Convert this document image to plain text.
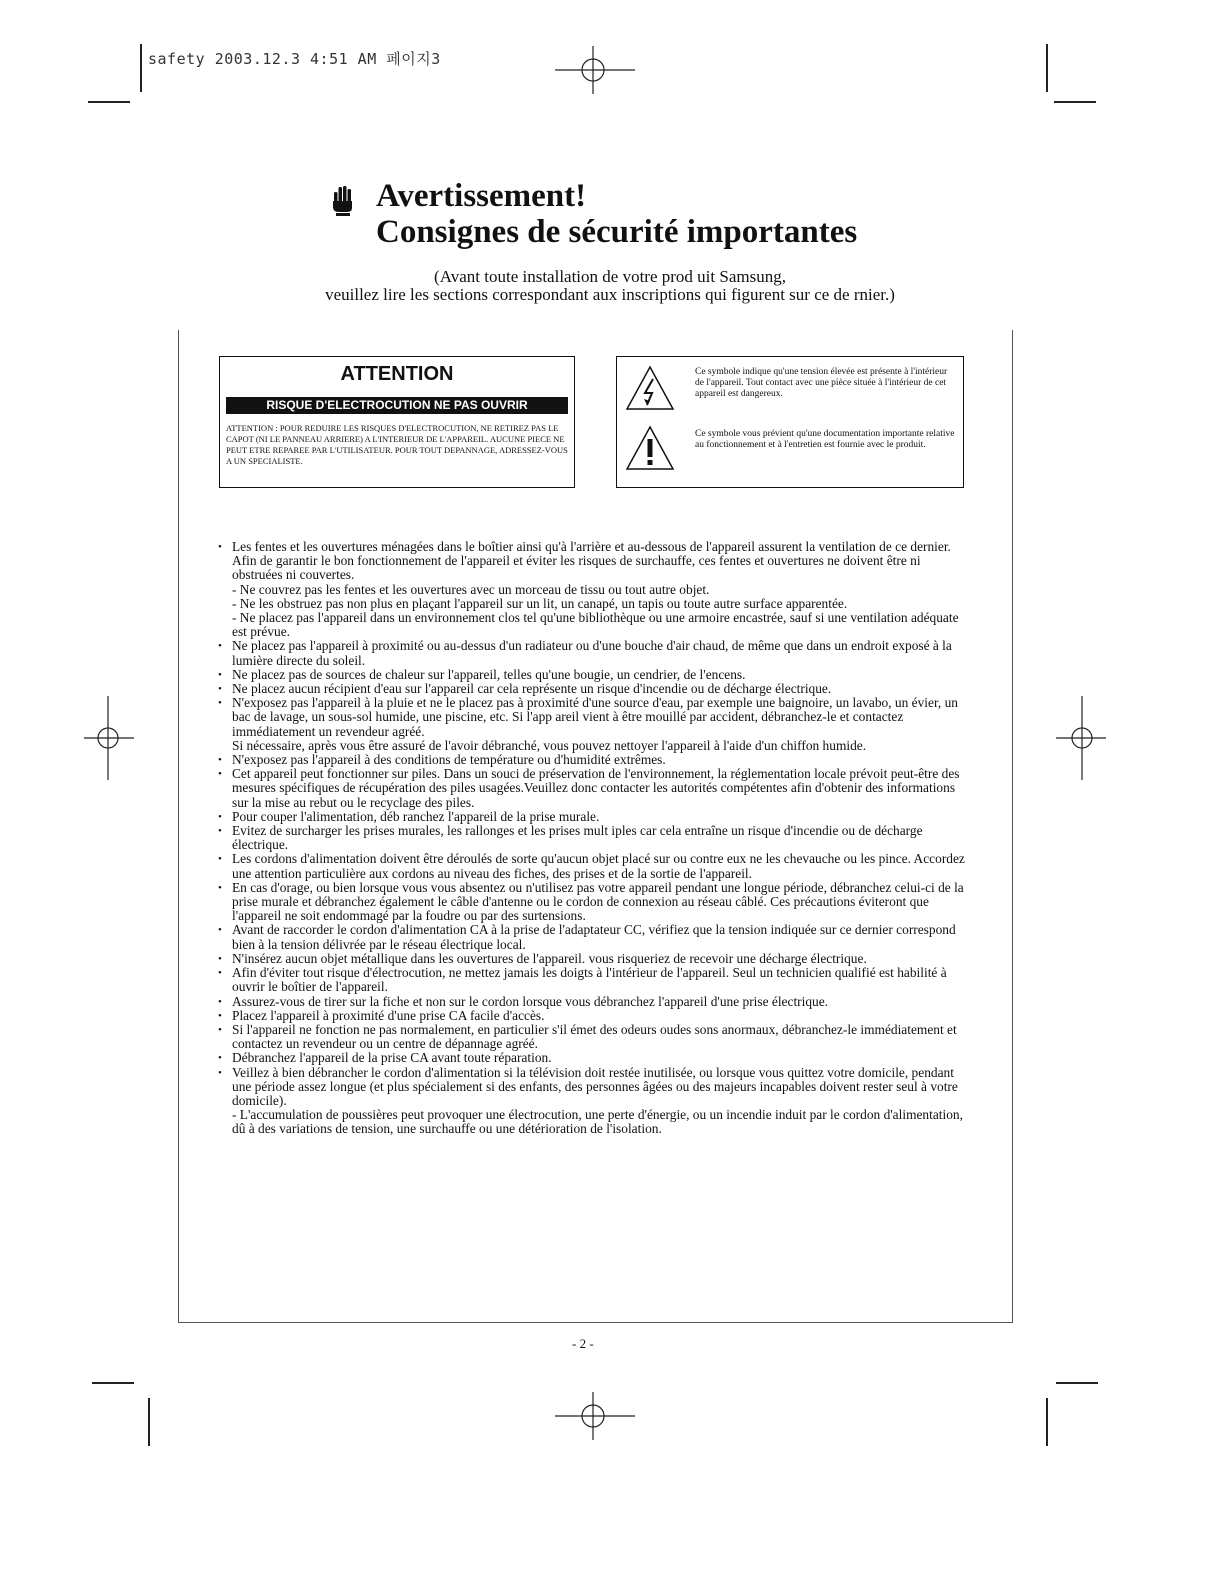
safety 2003.12.3 4:51 AM 페이지3
Avertissement!
Consignes de sécurité importantes
(Avant toute installation de votre prod uit Samsung,
veuillez lire les sections correspondant aux inscriptions qui figurent sur ce de rnier.)
ATTENTION
RISQUE D'ELECTROCUTION NE PAS OUVRIR
ATTENTION : POUR REDUIRE LES RISQUES D'ELECTROCUTION, NE RETIREZ PAS LE CAPOT (NI LE PANNEAU ARRIERE) A L'INTERIEUR DE L'APPAREIL. AUCUNE PIECE NE PEUT ETRE REPAREE PAR L'UTILISATEUR. POUR TOUT DEPANNAGE, ADRESSEZ-VOUS A UN SPECIALISTE.
Ce symbole indique qu'une tension élevée est présente à l'intérieur de l'appareil. Tout contact avec une pièce située à l'intérieur de cet appareil est dangereux.
Ce symbole vous prévient qu'une documentation importante relative au fonctionnement et à l'entretien est fournie avec le produit.

• Les fentes et les ouvertures ménagées dans le boîtier ainsi qu'à l'arrière et au-dessous de l'appareil assurent la ventilation de ce dernier.

Afin de garantir le bon fonctionnement de l'appareil et éviter les risques de surchauffe, ces fentes et ouvertures ne doivent être ni obstruées ni couvertes.

- Ne couvrez pas les fentes et les ouvertures avec un morceau de tissu ou tout autre objet.

- Ne les obstruez pas non plus en plaçant l'appareil sur un lit, un canapé, un tapis ou toute autre surface apparentée.

- Ne placez pas l'appareil dans un environnement clos tel qu'une bibliothèque ou une armoire encastrée, sauf si une ventilation adéquate est prévue.

• Ne placez pas l'appareil à proximité ou au-dessus d'un radiateur ou d'une bouche d'air chaud, de même que dans un endroit exposé à la lumière directe du soleil.

• Ne placez pas de sources de chaleur sur l'appareil, telles qu'une bougie, un cendrier, de l'encens.

• Ne placez aucun récipient d'eau sur l'appareil car cela représente un risque d'incendie ou de décharge électrique.

• N'exposez pas l'appareil à la pluie et ne le placez pas à proximité d'une source d'eau, par exemple une baignoire, un lavabo, un évier, un bac de lavage, un sous-sol humide, une piscine, etc. Si l'app areil vient à être mouillé par accident, débranchez-le et contactez immédiatement un revendeur agréé.

Si nécessaire, après vous être assuré de l'avoir débranché, vous pouvez nettoyer l'appareil à l'aide d'un chiffon humide.

• N'exposez pas l'appareil à des conditions de température ou d'humidité extrêmes.

• Cet appareil peut fonctionner sur piles. Dans un souci de préservation de l'environnement, la réglementation locale prévoit peut-être des mesures spécifiques de récupération des piles usagées.Veuillez donc contacter les autorités compétentes afin d'obtenir des informations sur la mise au rebut ou le recyclage des piles.

• Pour couper l'alimentation, déb ranchez l'appareil de la prise murale.

• Evitez de surcharger les prises murales, les rallonges et les prises mult iples car cela entraîne un risque d'incendie ou de décharge électrique.

• Les cordons d'alimentation doivent être déroulés de sorte qu'aucun objet placé sur ou contre eux ne les chevauche ou les pince. Accordez une attention particulière aux cordons au niveau des fiches, des prises et de la sortie de l'appareil.

• En cas d'orage, ou bien lorsque vous vous absentez ou n'utilisez pas votre appareil pendant une longue période, débranchez celui-ci de la prise murale et débranchez également le câble d'antenne ou le cordon de connexion au réseau câblé. Ces précautions éviteront que l'appareil ne soit endommagé par la foudre ou par des surtensions.

• Avant de raccorder le cordon d'alimentation CA à la prise de l'adaptateur CC, vérifiez que la tension indiquée sur ce dernier correspond bien à la tension délivrée par le réseau électrique local.

• N'insérez aucun objet métallique dans les ouvertures de l'appareil. vous risqueriez de recevoir une décharge électrique.

• Afin d'éviter tout risque d'électrocution, ne mettez jamais les doigts à l'intérieur de l'appareil. Seul un technicien qualifié est habilité à ouvrir le boîtier de l'appareil.

• Assurez-vous de tirer sur la fiche et non sur le cordon lorsque vous débranchez l'appareil d'une prise électrique.

• Placez l'appareil à proximité d'une prise CA facile d'accès.

• Si l'appareil ne fonction ne pas normalement, en particulier s'il émet des odeurs oudes sons anormaux, débranchez-le immédiatement et contactez un revendeur ou un centre de dépannage agréé.

• Débranchez l'appareil de la prise CA avant toute réparation.

• Veillez à bien débrancher le cordon d'alimentation si la télévision doit restée inutilisée, ou lorsque vous quittez votre domicile, pendant une période assez longue (et plus spécialement si des enfants, des personnes âgées ou des majeurs incapables doivent rester seul à votre domicile).

- L'accumulation de poussières peut provoquer une électrocution, une perte d'énergie, ou un incendie induit par le cordon d'alimentation, dû à des variations de tension, une surchauffe ou une détérioration de l'isolation.

- 2 -
